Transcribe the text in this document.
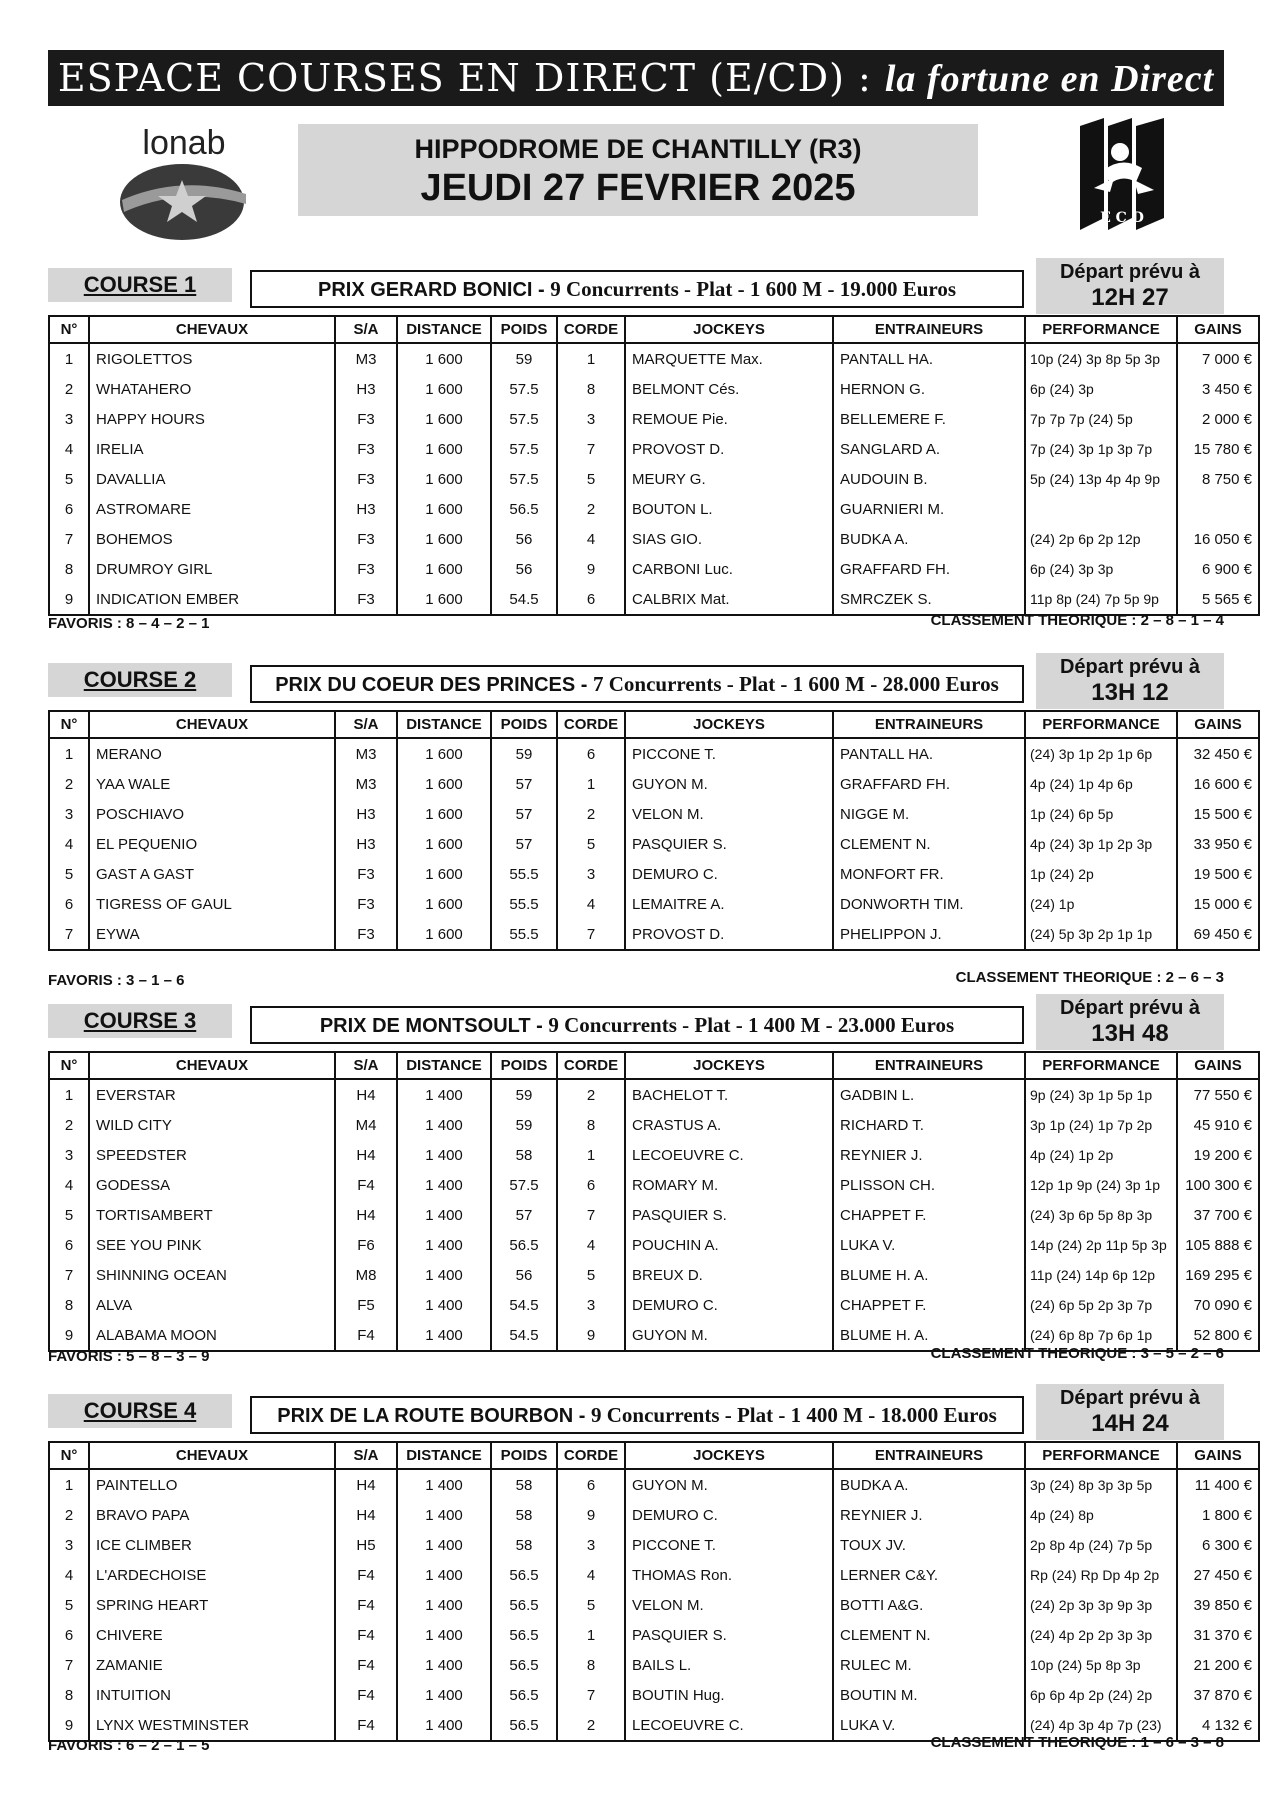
ESPACE COURSES EN DIRECT (E/CD) : la fortune en Direct
lonab	HIPPODROME DE CHANTILLY (R3)
JEUDI 27 FEVRIER 2025
E C D
COURSE 1	PRIX GERARD BONICI - 9 Concurrents - Plat - 1 600 M - 19.000 Euros
Départ prévu à
12H 27
N°	CHEVAUX	S/A	DISTANCE	POIDS	CORDE	JOCKEYS	ENTRAINEURS	PERFORMANCE	GAINS
1	RIGOLETTOS	M3	1 600	59	1	MARQUETTE Max.	PANTALL HA.	10p (24) 3p 8p 5p 3p	7 000 €
2	WHATAHERO	H3	1 600	57.5	8	BELMONT Cés.	HERNON G.	6p (24) 3p	3 450 €
3	HAPPY HOURS	F3	1 600	57.5	3	REMOUE Pie.	BELLEMERE F.	7p 7p 7p (24) 5p	2 000 €
4	IRELIA	F3	1 600	57.5	7	PROVOST D.	SANGLARD A.	7p (24) 3p 1p 3p 7p	15 780 €
5	DAVALLIA	F3	1 600	57.5	5	MEURY G.	AUDOUIN B.	5p (24) 13p 4p 4p 9p	8 750 €
6	ASTROMARE	H3	1 600	56.5	2	BOUTON L.	GUARNIERI M.		
7	BOHEMOS	F3	1 600	56	4	SIAS GIO.	BUDKA A.	(24) 2p 6p 2p 12p	16 050 €
8	DRUMROY GIRL	F3	1 600	56	9	CARBONI Luc.	GRAFFARD FH.	6p (24) 3p 3p	6 900 €
9	INDICATION EMBER	F3	1 600	54.5	6	CALBRIX Mat.	SMRCZEK S.	11p 8p (24) 7p 5p 9p	5 565 €
FAVORIS : 8 – 4 – 2 – 1	CLASSEMENT THEORIQUE : 2 – 8 – 1 – 4
COURSE 2	PRIX DU COEUR DES PRINCES - 7 Concurrents - Plat - 1 600 M - 28.000 Euros
Départ prévu à
13H 12
N°	CHEVAUX	S/A	DISTANCE	POIDS	CORDE	JOCKEYS	ENTRAINEURS	PERFORMANCE	GAINS
1	MERANO	M3	1 600	59	6	PICCONE T.	PANTALL HA.	(24) 3p 1p 2p 1p 6p	32 450 €
2	YAA WALE	M3	1 600	57	1	GUYON M.	GRAFFARD FH.	4p (24) 1p 4p 6p	16 600 €
3	POSCHIAVO	H3	1 600	57	2	VELON M.	NIGGE M.	1p (24) 6p 5p	15 500 €
4	EL PEQUENIO	H3	1 600	57	5	PASQUIER S.	CLEMENT N.	4p (24) 3p 1p 2p 3p	33 950 €
5	GAST A GAST	F3	1 600	55.5	3	DEMURO C.	MONFORT FR.	1p (24) 2p	19 500 €
6	TIGRESS OF GAUL	F3	1 600	55.5	4	LEMAITRE A.	DONWORTH TIM.	(24) 1p	15 000 €
7	EYWA	F3	1 600	55.5	7	PROVOST D.	PHELIPPON J.	(24) 5p 3p 2p 1p 1p	69 450 €
FAVORIS : 3 – 1 – 6	CLASSEMENT THEORIQUE : 2 – 6 – 3
COURSE 3	PRIX DE MONTSOULT - 9 Concurrents - Plat - 1 400 M - 23.000 Euros
Départ prévu à
13H 48
N°	CHEVAUX	S/A	DISTANCE	POIDS	CORDE	JOCKEYS	ENTRAINEURS	PERFORMANCE	GAINS
1	EVERSTAR	H4	1 400	59	2	BACHELOT T.	GADBIN L.	9p (24) 3p 1p 5p 1p	77 550 €
2	WILD CITY	M4	1 400	59	8	CRASTUS A.	RICHARD T.	3p 1p (24) 1p 7p 2p	45 910 €
3	SPEEDSTER	H4	1 400	58	1	LECOEUVRE C.	REYNIER J.	4p (24) 1p 2p	19 200 €
4	GODESSA	F4	1 400	57.5	6	ROMARY M.	PLISSON CH.	12p 1p 9p (24) 3p 1p	100 300 €
5	TORTISAMBERT	H4	1 400	57	7	PASQUIER S.	CHAPPET F.	(24) 3p 6p 5p 8p 3p	37 700 €
6	SEE YOU PINK	F6	1 400	56.5	4	POUCHIN A.	LUKA V.	14p (24) 2p 11p 5p 3p	105 888 €
7	SHINNING OCEAN	M8	1 400	56	5	BREUX D.	BLUME H. A.	11p (24) 14p 6p 12p	169 295 €
8	ALVA	F5	1 400	54.5	3	DEMURO C.	CHAPPET F.	(24) 6p 5p 2p 3p 7p	70 090 €
9	ALABAMA MOON	F4	1 400	54.5	9	GUYON M.	BLUME H. A.	(24) 6p 8p 7p 6p 1p	52 800 €
FAVORIS : 5 – 8 – 3 – 9	CLASSEMENT THEORIQUE : 3 – 5 – 2 – 6
COURSE 4	PRIX DE LA ROUTE BOURBON - 9 Concurrents - Plat - 1 400 M - 18.000 Euros
Départ prévu à
14H 24
N°	CHEVAUX	S/A	DISTANCE	POIDS	CORDE	JOCKEYS	ENTRAINEURS	PERFORMANCE	GAINS
1	PAINTELLO	H4	1 400	58	6	GUYON M.	BUDKA A.	3p (24) 8p 3p 3p 5p	11 400 €
2	BRAVO PAPA	H4	1 400	58	9	DEMURO C.	REYNIER J.	4p (24) 8p	1 800 €
3	ICE CLIMBER	H5	1 400	58	3	PICCONE T.	TOUX JV.	2p 8p 4p (24) 7p 5p	6 300 €
4	L'ARDECHOISE	F4	1 400	56.5	4	THOMAS Ron.	LERNER C&Y.	Rp (24) Rp Dp 4p 2p	27 450 €
5	SPRING HEART	F4	1 400	56.5	5	VELON M.	BOTTI A&G.	(24) 2p 3p 3p 9p 3p	39 850 €
6	CHIVERE	F4	1 400	56.5	1	PASQUIER S.	CLEMENT N.	(24) 4p 2p 2p 3p 3p	31 370 €
7	ZAMANIE	F4	1 400	56.5	8	BAILS L.	RULEC M.	10p (24) 5p 8p 3p	21 200 €
8	INTUITION	F4	1 400	56.5	7	BOUTIN Hug.	BOUTIN M.	6p 6p 4p 2p (24) 2p	37 870 €
9	LYNX WESTMINSTER	F4	1 400	56.5	2	LECOEUVRE C.	LUKA V.	(24) 4p 3p 4p 7p (23)	4 132 €
FAVORIS : 6 – 2 – 1 – 5	CLASSEMENT THEORIQUE : 1 – 6 – 3 – 8
